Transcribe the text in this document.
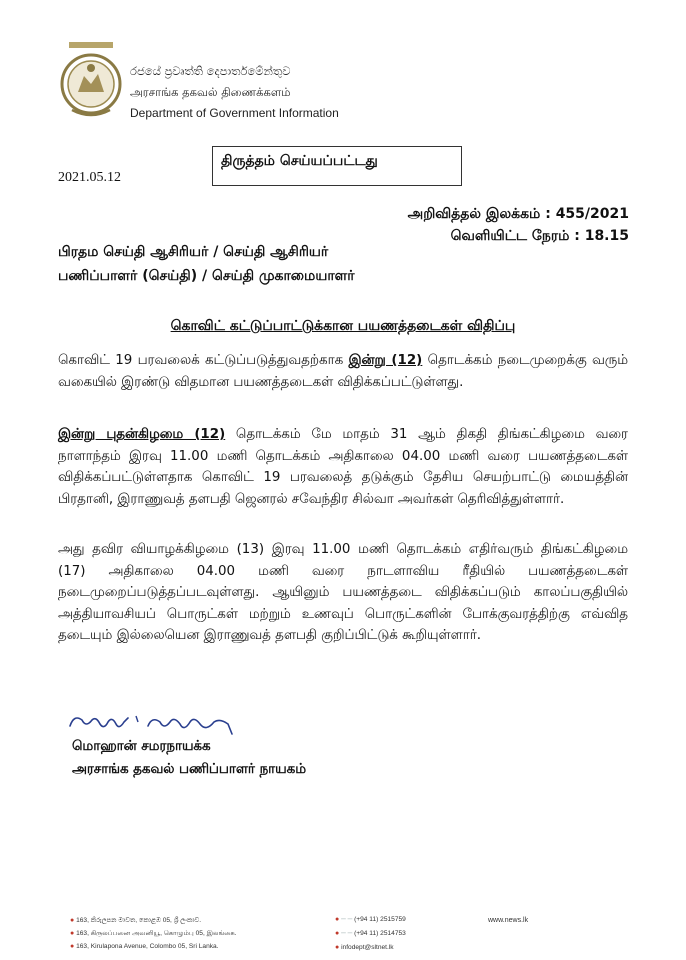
රජයේ ප්‍රවෘත්ති දෙපාර්තමේන්තුව
அரசாங்க தகவல் திணைக்களம்
Department of Government Information
2021.05.12
திருத்தம் செய்யப்பட்டது
அறிவித்தல் இலக்கம் : 455/2021
வெளியிட்ட நேரம் : 18.15
பிரதம செய்தி ஆசிரியர் / செய்தி ஆசிரியர்
பணிப்பாளர் (செய்தி) / செய்தி முகாமையாளர்
கொவிட் கட்டுப்பாட்டுக்கான பயணத்தடைகள் விதிப்பு
கொவிட் 19 பரவலைக் கட்டுப்படுத்துவதற்காக இன்று (12) தொடக்கம் நடைமுறைக்கு வரும் வகையில் இரண்டு விதமான பயணத்தடைகள் விதிக்கப்பட்டுள்ளது.
இன்று புதன்கிழமை (12) தொடக்கம் மே மாதம் 31 ஆம் திகதி திங்கட்கிழமை வரை நாளாந்தம் இரவு 11.00 மணி தொடக்கம் அதிகாலை 04.00 மணி வரை பயணத்தடைகள் விதிக்கப்பட்டுள்ளதாக கொவிட் 19 பரவலைத் தடுக்கும் தேசிய செயற்பாட்டு மையத்தின் பிரதானி, இராணுவத் தளபதி ஜெனரல் சவேந்திர சில்வா அவர்கள் தெரிவித்துள்ளார்.
அது தவிர வியாழக்கிழமை (13) இரவு 11.00 மணி தொடக்கம் எதிர்வரும் திங்கட்கிழமை (17) அதிகாலை 04.00 மணி வரை நாடளாவிய ரீதியில் பயணத்தடைகள் நடைமுறைப்படுத்தப்படவுள்ளது. ஆயினும் பயணத்தடை விதிக்கப்படும் காலப்பகுதியில் அத்தியாவசியப் பொருட்கள் மற்றும் உணவுப் பொருட்களின் போக்குவரத்திற்கு எவ்வித தடையும் இல்லையென இராணுவத் தளபதி குறிப்பிட்டுக் கூறியுள்ளார்.
மொஹான் சமரநாயக்க
அரசாங்க தகவல் பணிப்பாளர் நாயகம்
● 163, කිරුලපන මාවත, කොළඹ 05, ශ්‍රී ලංකාව.
● 163, கிருலப்பனை அவனியூ, கொழும்பு 05, இலங்கை.
● 163, Kirulapona Avenue, Colombo 05, Sri Lanka.
● ─ ─ (+94 11) 2515759
● ─ ─ (+94 11) 2514753
● infodept@sltnet.lk
www.news.lk
